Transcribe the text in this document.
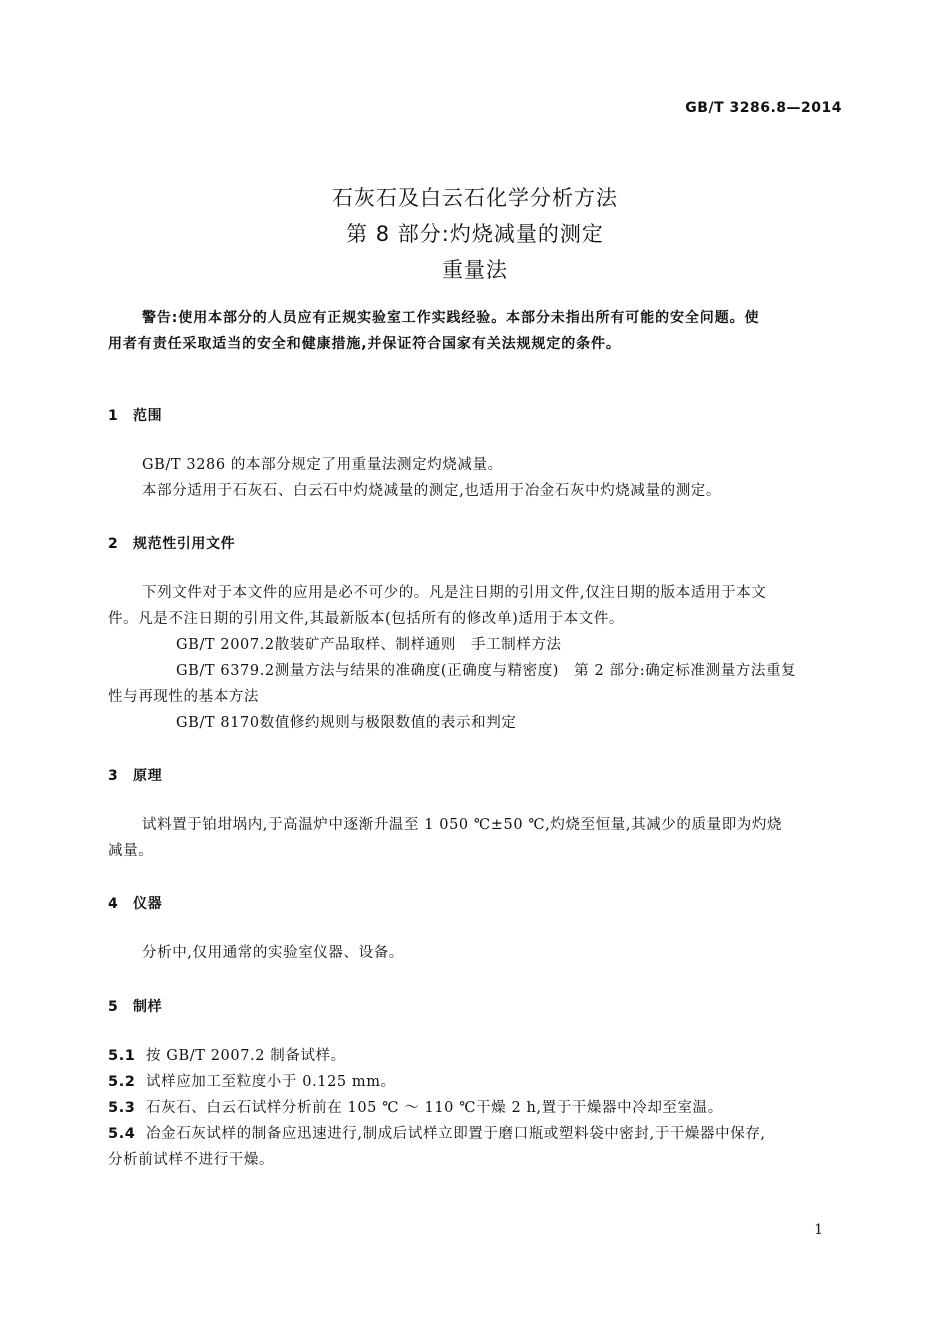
GB/T 3286.8—2014
石灰石及白云石化学分析方法
第 8 部分:灼烧减量的测定
重量法
警告:使用本部分的人员应有正规实验室工作实践经验。本部分未指出所有可能的安全问题。使
用者有责任采取适当的安全和健康措施,并保证符合国家有关法规规定的条件。
1 范围
GB/T 3286 的本部分规定了用重量法测定灼烧减量。
本部分适用于石灰石、白云石中灼烧减量的测定,也适用于冶金石灰中灼烧减量的测定。
2 规范性引用文件
下列文件对于本文件的应用是必不可少的。凡是注日期的引用文件,仅注日期的版本适用于本文
件。凡是不注日期的引用文件,其最新版本(包括所有的修改单)适用于本文件。
GB/T 2007.2散装矿产品取样、制样通则　手工制样方法
GB/T 6379.2测量方法与结果的准确度(正确度与精密度)　第 2 部分:确定标准测量方法重复
性与再现性的基本方法
GB/T 8170数值修约规则与极限数值的表示和判定
3 原理
试料置于铂坩埚内,于高温炉中逐渐升温至 1 050 ℃±50 ℃,灼烧至恒量,其减少的质量即为灼烧
减量。
4 仪器
分析中,仅用通常的实验室仪器、设备。
5 制样
5.1 按 GB/T 2007.2 制备试样。
5.2 试样应加工至粒度小于 0.125 mm。
5.3 石灰石、白云石试样分析前在 105 ℃ ～ 110 ℃干燥 2 h,置于干燥器中冷却至室温。
5.4 冶金石灰试样的制备应迅速进行,制成后试样立即置于磨口瓶或塑料袋中密封,于干燥器中保存,
分析前试样不进行干燥。
1
